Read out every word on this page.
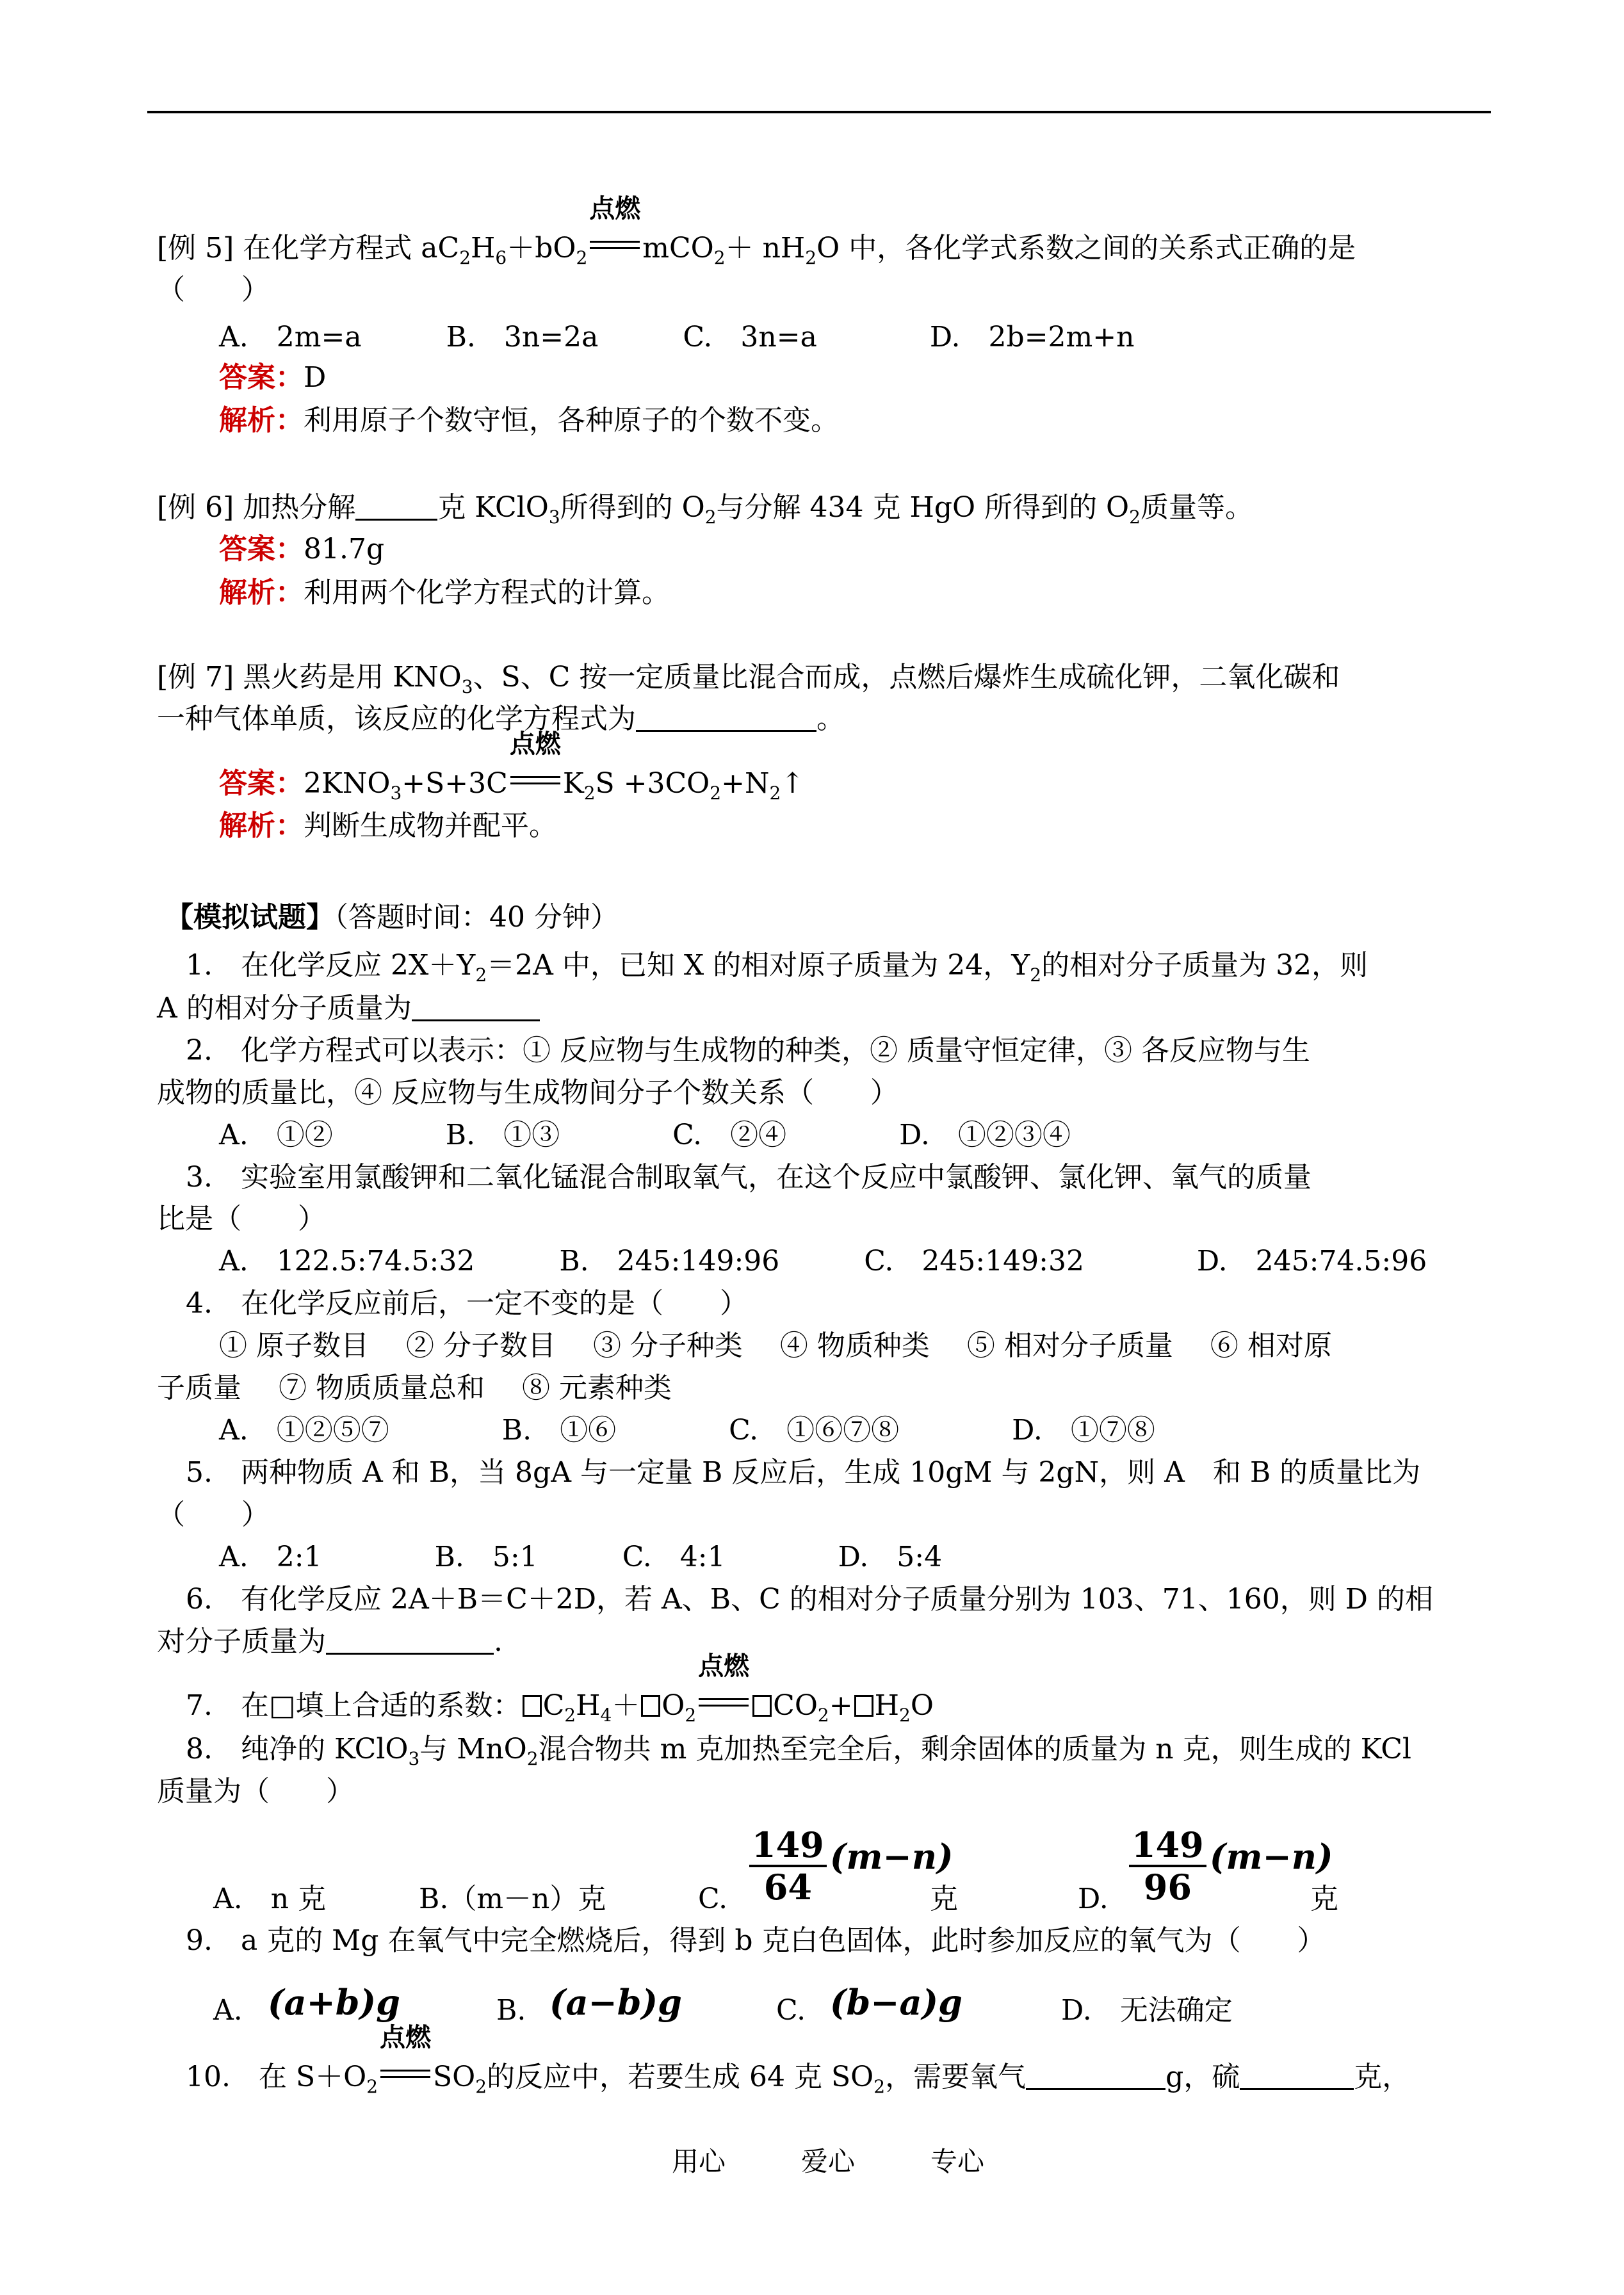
[例 5] 在化学方程式 $aC_2H_6+bO_2$
点燃
$mCO_2+ nH_2O$ 中，各化学式系数之间的关系式正确的是
（　　）
A.　2m=a　　　B.　3n=2a　　　C.　3n=a　　　　D.　2b=2m+n
答案：D
解析：利用原子个数守恒，各种原子的个数不变。
[例 6] 加热分解	克 KClO$_3$所得到的 $O_2$与分解 434 克 HgO 所得到的 $O_2$质量等。
答案：81.7g
解析：利用两个化学方程式的计算。
[例 7] 黑火药是用 $KNO_3$、S、C 按一定质量比混合而成，点燃后爆炸生成硫化钾，二氧化碳和
一种气体单质，该反应的化学方程式为	。
答案：$2KNO_3+S+3C$
点燃
$K_2S$ $+3CO_2+N_2↑$
解析：判断生成物并配平。
【模拟试题】（答题时间：40 分钟）
1.　在化学反应 $2X+Y_2=2A$ 中，已知 X 的相对原子质量为 24，$Y_2$的相对分子质量为 32，则
A 的相对分子质量为
2.　化学方程式可以表示：① 反应物与生成物的种类，② 质量守恒定律，③ 各反应物与生
成物的质量比，④ 反应物与生成物间分子个数关系（　　）
A.　①②　　　　B.　①③　　　　C.　②④　　　　D.　①②③④
3.　实验室用氯酸钾和二氧化锰混合制取氧气，在这个反应中氯酸钾、氯化钾、氧气的质量
比是（　　）
A.　122.5:74.5:32　　　B.　245:149:96　　　C.　245:149:32　　　　D.　245:74.5:96
4.　在化学反应前后，一定不变的是（　　）
① 原子数目　 ② 分子数目　 ③ 分子种类　 ④ 物质种类　 ⑤ 相对分子质量　 ⑥ 相对原
子质量　 ⑦ 物质质量总和　 ⑧ 元素种类
A.　①②⑤⑦　　　　B.　①⑥　　　　C.　①⑥⑦⑧　　　　D.　①⑦⑧
5.　两种物质 A 和 B，当 8gA 与一定量 B 反应后，生成 10gM 与 2gN，则 A　和 B 的质量比为
（　　）
A.　2:1　　　　B.　5:1　　　C.　4:1　　　　D.　5:4
6.　有化学反应 2A＋B＝C＋2D，若 A、B、C 的相对分子质量分别为 103、71、160，则 D 的相
对分子质量为	.
7.　在□填上合适的系数： $C_2H_4+ O_2$
点燃
$CO_2+ H_2O$
8.　纯净的 KClO$_3$与 MnO$_2$混合物共 m 克加热至完全后，剩余固体的质量为 n 克，则生成的 KCl
质量为（　　）
A.　n 克	B.（m－n）克	C. $\frac{149}{64} (m-n)$
克	D. $\frac{149}{96} (m-n)$
克
9.　a 克的 Mg 在氧气中完全燃烧后，得到 b 克白色固体，此时参加反应的氧气为（　　）
A. (a+b)g	B. (a−b)g	C. (b−a)g	D.　无法确定
10.　在 $S+O_2$
点燃
$SO_2$的反应中，若要生成 64 克 $SO_2$，需要氧气	g，硫	克，
用心	爱心	专心
